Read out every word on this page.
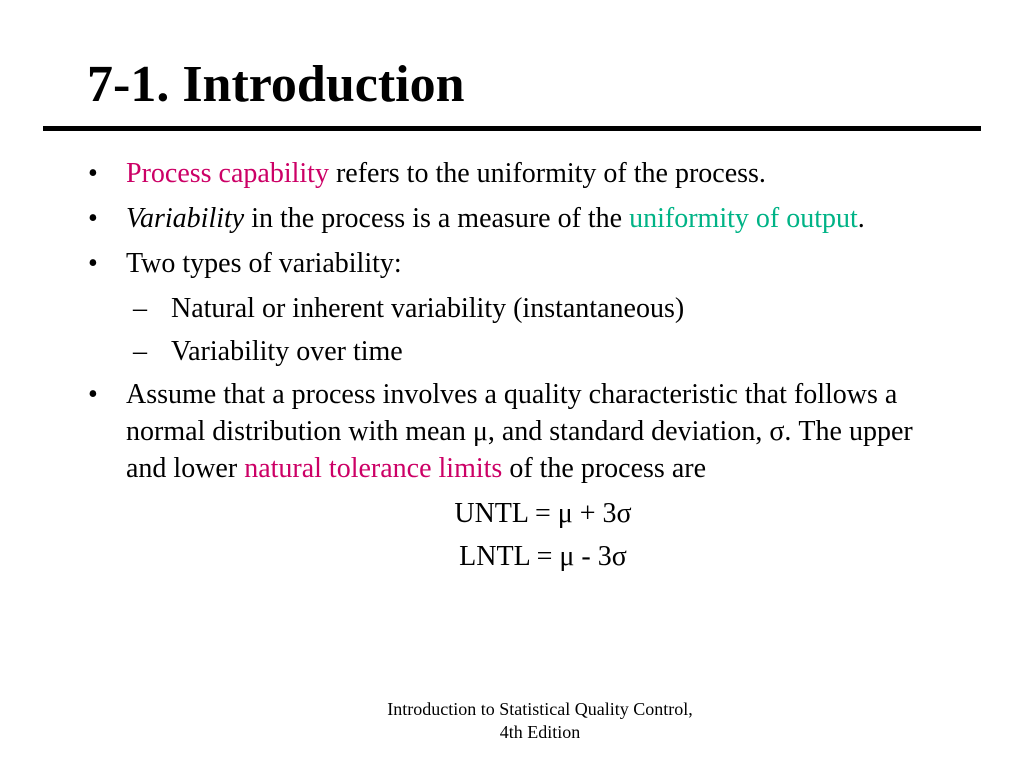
7-1. Introduction
• Process capability refers to the uniformity of the process.
• Variability in the process is a measure of the uniformity of output.
• Two types of variability:
– Natural or inherent variability (instantaneous)
– Variability over time
• Assume that a process involves a quality characteristic that follows a normal distribution with mean μ, and standard deviation, σ. The upper and lower natural tolerance limits of the process are
UNTL = μ + 3σ
LNTL = μ - 3σ
Introduction to Statistical Quality Control,
4th Edition
